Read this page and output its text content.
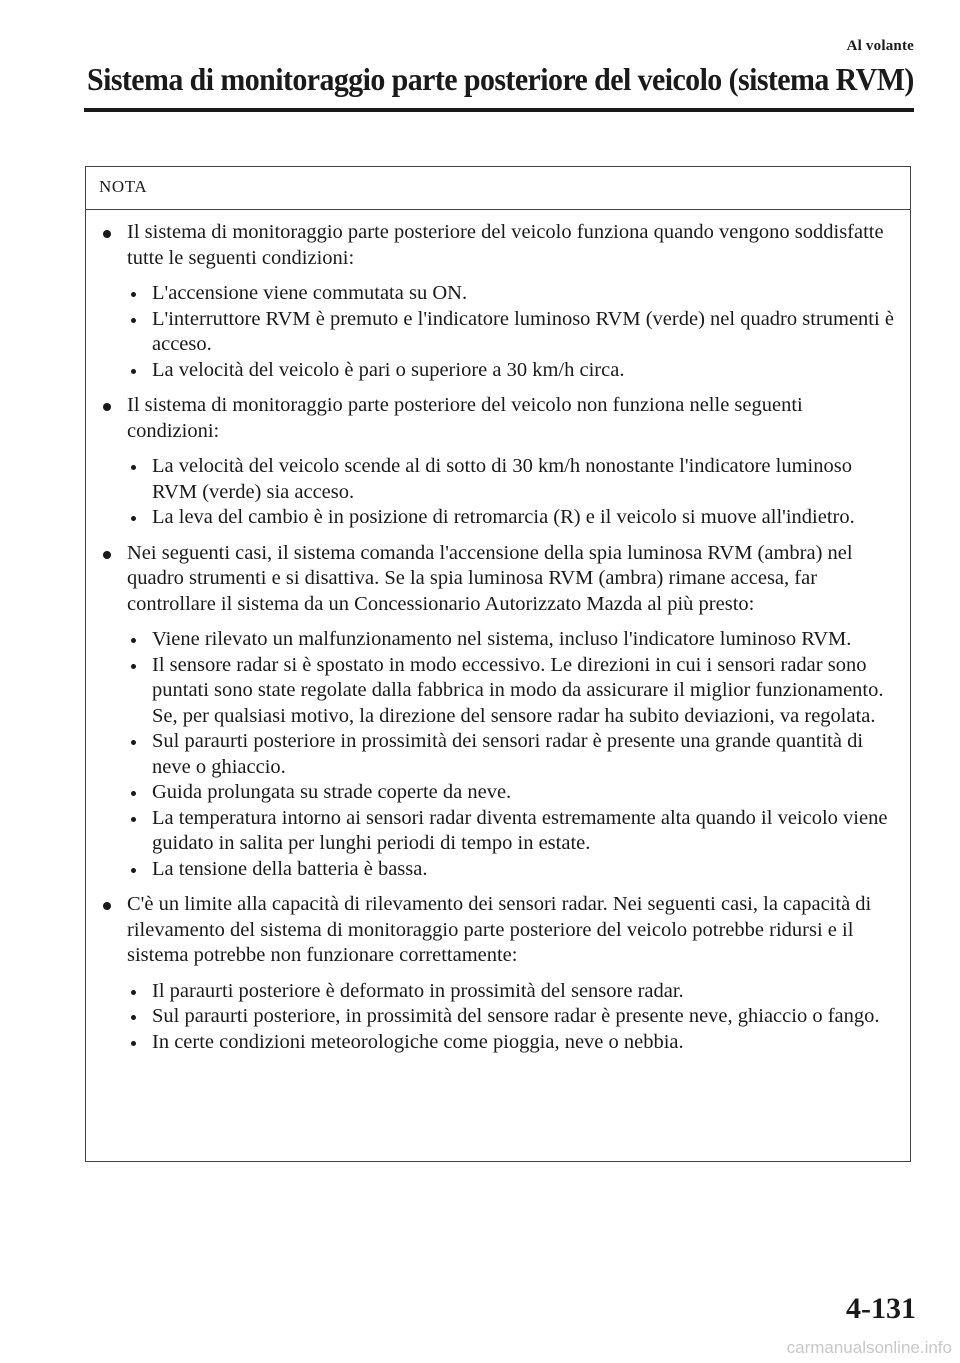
Al volante
Sistema di monitoraggio parte posteriore del veicolo (sistema RVM)
NOTA
Il sistema di monitoraggio parte posteriore del veicolo funziona quando vengono soddisfatte tutte le seguenti condizioni:
L'accensione viene commutata su ON.
L'interruttore RVM è premuto e l'indicatore luminoso RVM (verde) nel quadro strumenti è acceso.
La velocità del veicolo è pari o superiore a 30 km/h circa.
Il sistema di monitoraggio parte posteriore del veicolo non funziona nelle seguenti condizioni:
La velocità del veicolo scende al di sotto di 30 km/h nonostante l'indicatore luminoso RVM (verde) sia acceso.
La leva del cambio è in posizione di retromarcia (R) e il veicolo si muove all'indietro.
Nei seguenti casi, il sistema comanda l'accensione della spia luminosa RVM (ambra) nel quadro strumenti e si disattiva. Se la spia luminosa RVM (ambra) rimane accesa, far controllare il sistema da un Concessionario Autorizzato Mazda al più presto:
Viene rilevato un malfunzionamento nel sistema, incluso l'indicatore luminoso RVM.
Il sensore radar si è spostato in modo eccessivo. Le direzioni in cui i sensori radar sono puntati sono state regolate dalla fabbrica in modo da assicurare il miglior funzionamento. Se, per qualsiasi motivo, la direzione del sensore radar ha subito deviazioni, va regolata.
Sul paraurti posteriore in prossimità dei sensori radar è presente una grande quantità di neve o ghiaccio.
Guida prolungata su strade coperte da neve.
La temperatura intorno ai sensori radar diventa estremamente alta quando il veicolo viene guidato in salita per lunghi periodi di tempo in estate.
La tensione della batteria è bassa.
C'è un limite alla capacità di rilevamento dei sensori radar. Nei seguenti casi, la capacità di rilevamento del sistema di monitoraggio parte posteriore del veicolo potrebbe ridursi e il sistema potrebbe non funzionare correttamente:
Il paraurti posteriore è deformato in prossimità del sensore radar.
Sul paraurti posteriore, in prossimità del sensore radar è presente neve, ghiaccio o fango.
In certe condizioni meteorologiche come pioggia, neve o nebbia.
4-131
carmanualsonline.info
